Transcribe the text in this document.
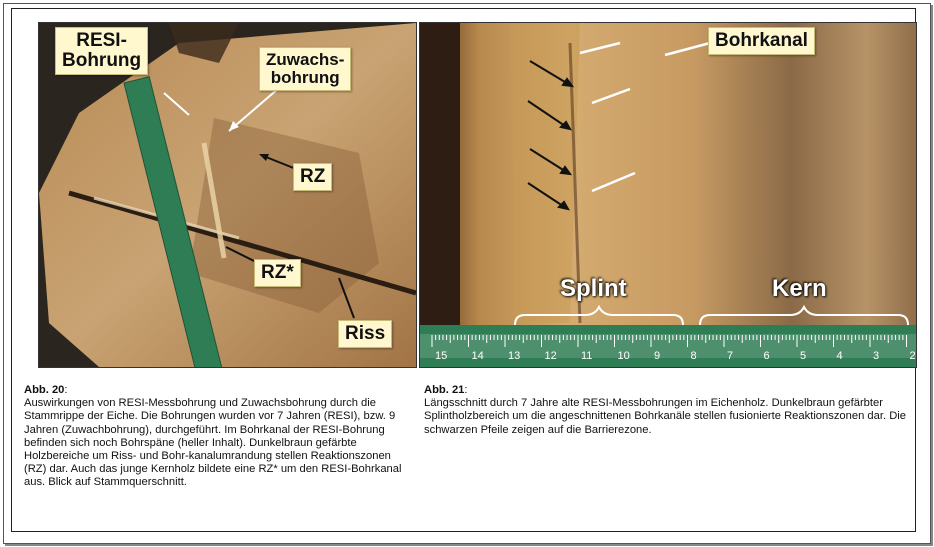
RESI-
Bohrung	Zuwachs-
bohrung
RZ
RZ*
Riss
15 14 13 12 11 10 9	8	7	6	5	4	3	2
Bohrkanal
Splint	Kern
Abb. 20:
Auswirkungen von RESI-Messbohrung und Zuwachsbohrung durch die Stammrippe der Eiche. Die Bohrungen wurden vor 7 Jahren (RESI), bzw. 9 Jahren (Zuwachbohrung), durchgeführt. Im Bohrkanal der RESI-Bohrung befinden sich noch Bohrspäne (heller Inhalt). Dunkelbraun gefärbte Holzbereiche um Riss- und Bohr-kanalumrandung stellen Reaktionszonen (RZ) dar. Auch das junge Kernholz bildete eine RZ* um den RESI-Bohrkanal aus. Blick auf Stammquerschnitt.
Abb. 21:
Längsschnitt durch 7 Jahre alte RESI-Messbohrungen im Eichenholz. Dunkelbraun gefärbter Splintholzbereich um die angeschnittenen Bohrkanäle stellen fusionierte Reaktionszonen dar. Die schwarzen Pfeile zeigen auf die Barrierezone.
